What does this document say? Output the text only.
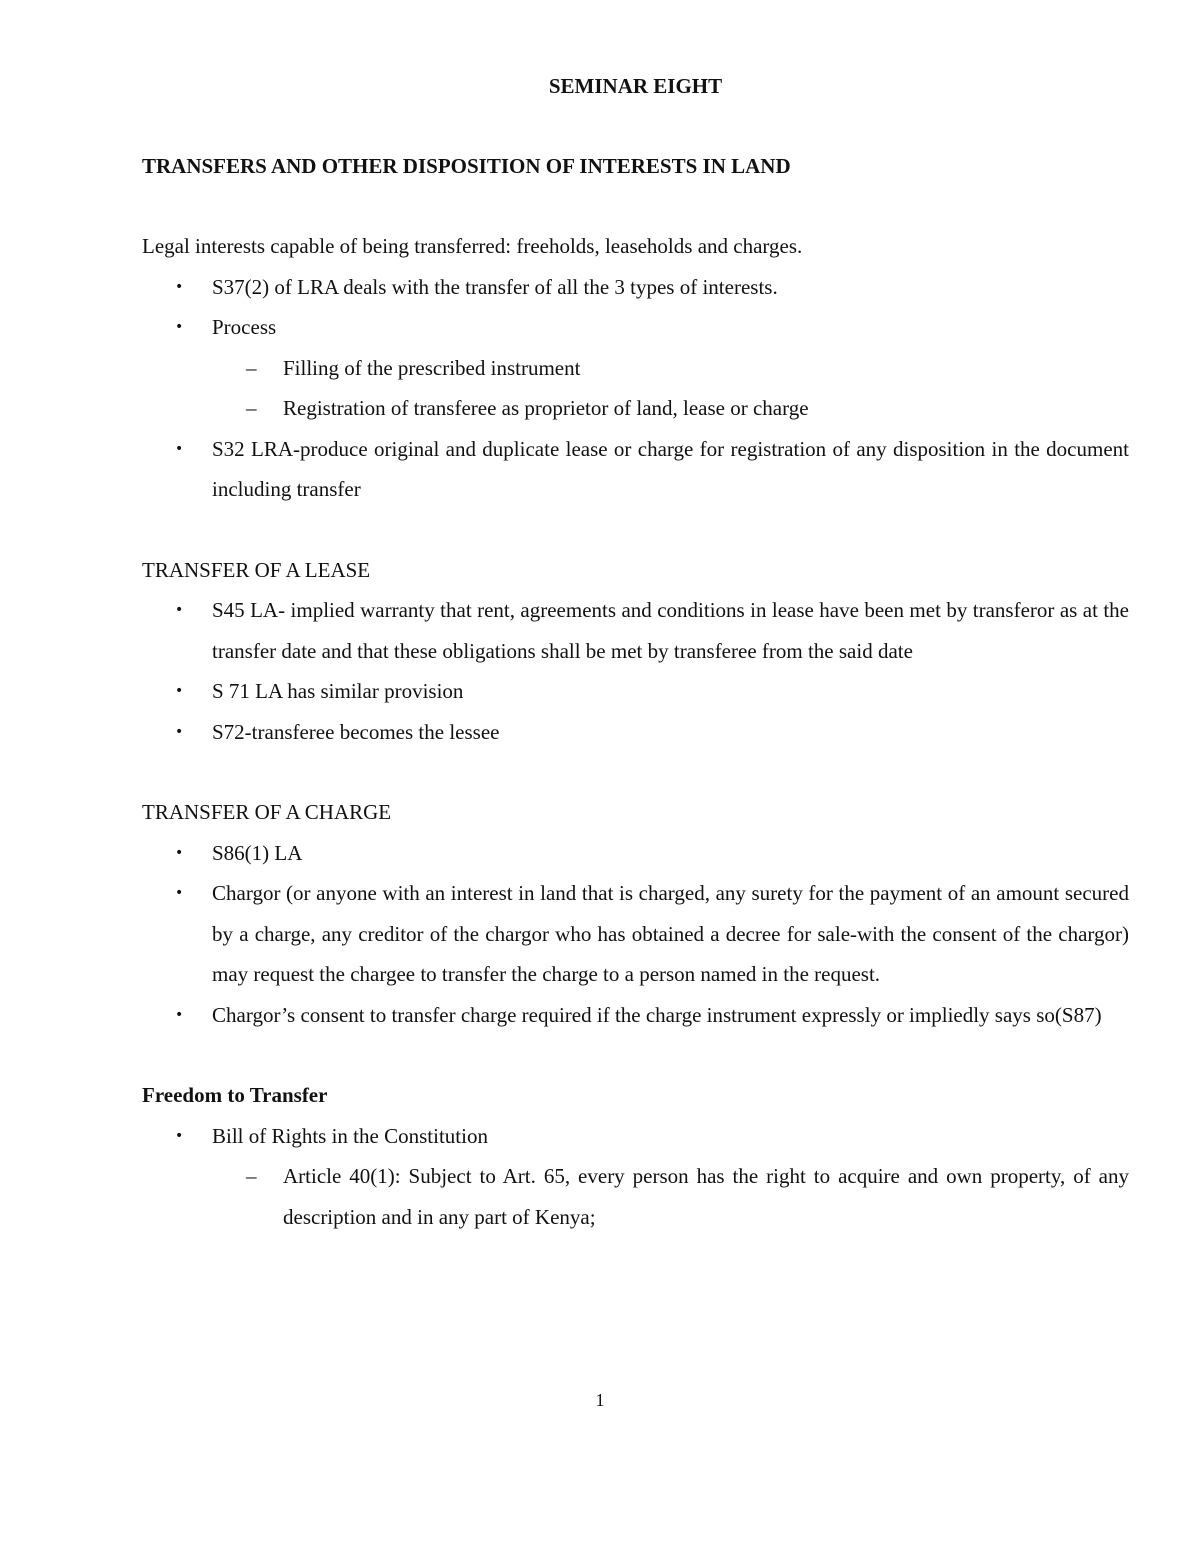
SEMINAR EIGHT

TRANSFERS AND OTHER DISPOSITION OF INTERESTS IN LAND

Legal interests capable of being transferred: freeholds, leaseholds and charges.

• S37(2) of LRA deals with the transfer of all the 3 types of interests.
• Process
– Filling of the prescribed instrument
– Registration of transferee as proprietor of land, lease or charge
• S32 LRA-produce original and duplicate lease or charge for registration of any disposition in the document including transfer

TRANSFER OF A LEASE

• S45 LA- implied warranty that rent, agreements and conditions in lease have been met by transferor as at the transfer date and that these obligations shall be met by transferee from the said date
• S 71 LA has similar provision
• S72-transferee becomes the lessee

TRANSFER OF A CHARGE

• S86(1) LA
• Chargor (or anyone with an interest in land that is charged, any surety for the payment of an amount secured by a charge, any creditor of the chargor who has obtained a decree for sale-with the consent of the chargor) may request the chargee to transfer the charge to a person named in the request.
• Chargor’s consent to transfer charge required if the charge instrument expressly or impliedly says so(S87)

Freedom to Transfer

• Bill of Rights in the Constitution
– Article 40(1): Subject to Art. 65, every person has the right to acquire and own property, of any description and in any part of Kenya;
1
